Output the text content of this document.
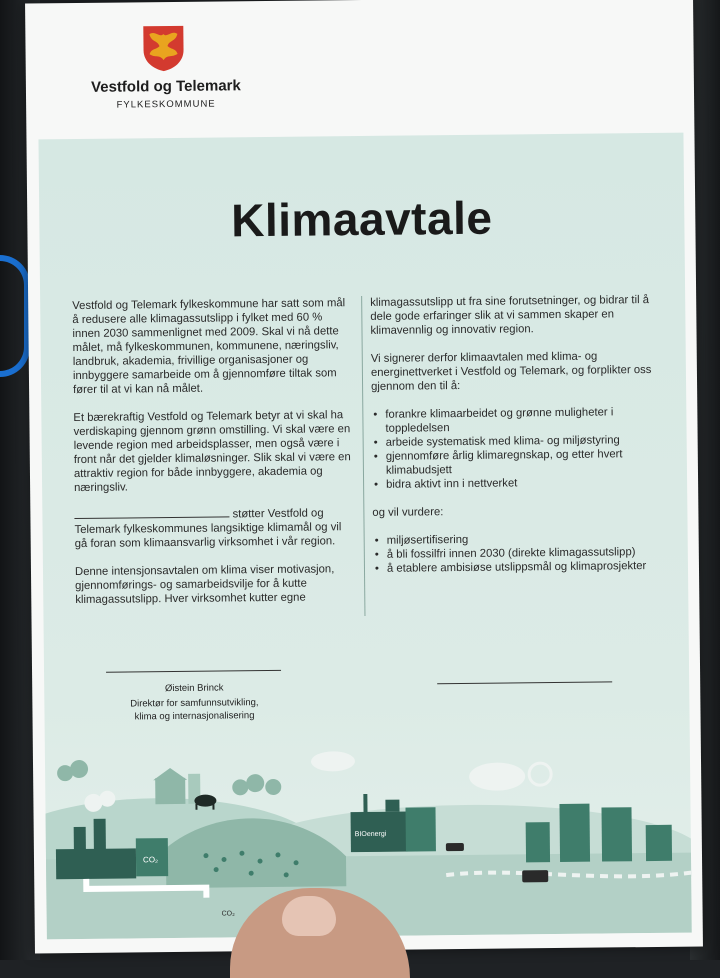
Vestfold og Telemark
FYLKESKOMMUNE
Klimaavtale

Vestfold og Telemark fylkeskommune har satt som mål å redusere alle klimagassutslipp i fylket med 60 % innen 2030 sammenlignet med 2009. Skal vi nå dette målet, må fylkeskommunen, kommunene, næringsliv, landbruk, akademia, frivillige organisasjoner og innbyggere samarbeide om å gjennomføre tiltak som fører til at vi kan nå målet.

Et bærekraftig Vestfold og Telemark betyr at vi skal ha verdiskaping gjennom grønn omstilling. Vi skal være en levende region med arbeidsplasser, men også være i front når det gjelder klimaløsninger. Slik skal vi være en attraktiv region for både innbyggere, akademia og næringsliv.

støtter Vestfold og Telemark fylkeskommunes langsiktige klimamål og vil gå foran som klimaansvarlig virksomhet i vår region.

Denne intensjonsavtalen om klima viser motivasjon, gjennomførings- og samarbeidsvilje for å kutte klimagassutslipp. Hver virksomhet kutter egne

klimagassutslipp ut fra sine forutsetninger, og bidrar til å dele gode erfaringer slik at vi sammen skaper en klimavennlig og innovativ region.

Vi signerer derfor klimaavtalen med klima- og energinettverket i Vestfold og Telemark, og forplikter oss gjennom den til å:

• forankre klimaarbeidet og grønne muligheter i toppledelsen
• arbeide systematisk med klima- og miljøstyring
• gjennomføre årlig klimaregnskap, og etter hvert klimabudsjett
• bidra aktivt inn i nettverket

og vil vurdere:

• miljøsertifisering
• å bli fossilfri innen 2030 (direkte klimagassutslipp)
• å etablere ambisiøse utslippsmål og klimaprosjekter
Øistein Brinck
Direktør for samfunnsutvikling,
klima og internasjonalisering
CO₂
CO₂
BIOenergi
